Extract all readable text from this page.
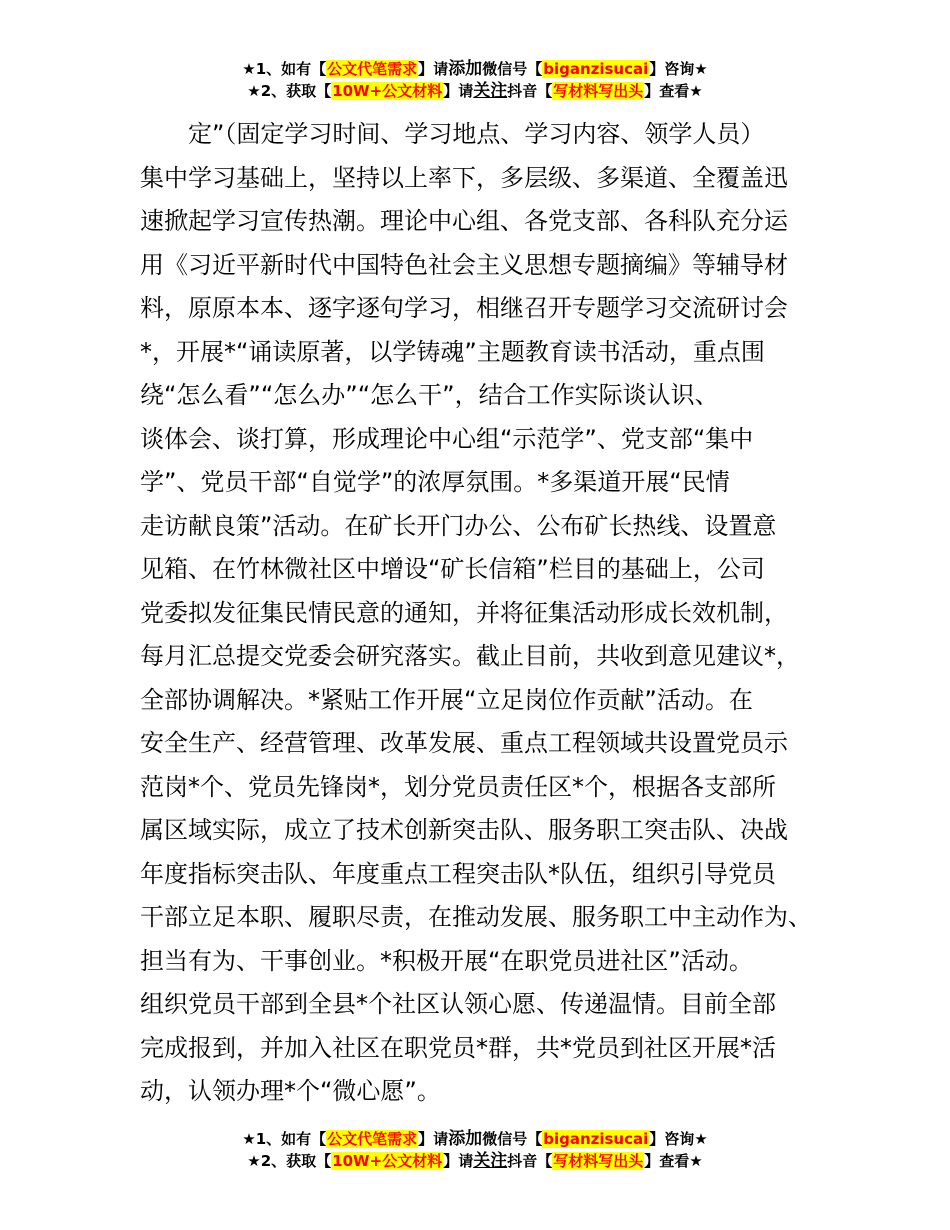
★1、如有【公文代笔需求】请添加微信号【biganzisucai】咨询★
★2、获取【10W+公文材料】请关注抖音【写材料写出头】查看★
定”（固定学习时间、学习地点、学习内容、领学人员）
集中学习基础上，坚持以上率下，多层级、多渠道、全覆盖迅
速掀起学习宣传热潮。理论中心组、各党支部、各科队充分运
用《习近平新时代中国特色社会主义思想专题摘编》等辅导材
料，原原本本、逐字逐句学习，相继召开专题学习交流研讨会
*，开展*“诵读原著，以学铸魂”主题教育读书活动，重点围
绕“怎么看”“怎么办”“怎么干”，结合工作实际谈认识、
谈体会、谈打算，形成理论中心组“示范学”、党支部“集中
学”、党员干部“自觉学”的浓厚氛围。*多渠道开展“民情
走访献良策”活动。在矿长开门办公、公布矿长热线、设置意
见箱、在竹林微社区中增设“矿长信箱”栏目的基础上，公司
党委拟发征集民情民意的通知，并将征集活动形成长效机制，
每月汇总提交党委会研究落实。截止目前，共收到意见建议*，
全部协调解决。*紧贴工作开展“立足岗位作贡献”活动。在
安全生产、经营管理、改革发展、重点工程领域共设置党员示
范岗*个、党员先锋岗*，划分党员责任区*个，根据各支部所
属区域实际，成立了技术创新突击队、服务职工突击队、决战
年度指标突击队、年度重点工程突击队*队伍，组织引导党员
干部立足本职、履职尽责，在推动发展、服务职工中主动作为、
担当有为、干事创业。*积极开展“在职党员进社区”活动。
组织党员干部到全县*个社区认领心愿、传递温情。目前全部
完成报到，并加入社区在职党员*群，共*党员到社区开展*活
动，认领办理*个“微心愿”。
★1、如有【公文代笔需求】请添加微信号【biganzisucai】咨询★
★2、获取【10W+公文材料】请关注抖音【写材料写出头】查看★
